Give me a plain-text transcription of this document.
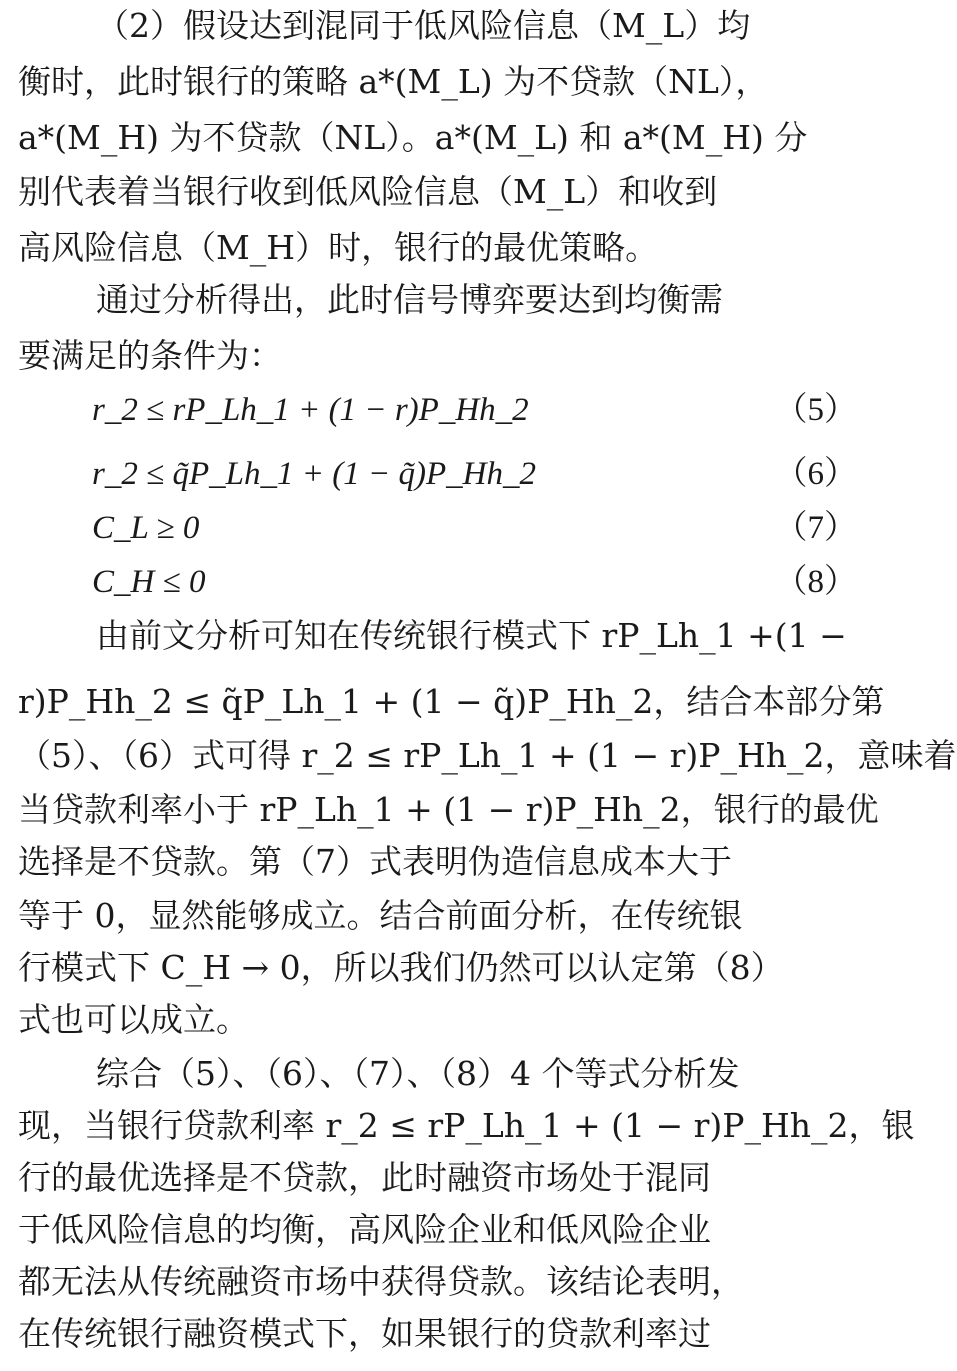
（2）假设达到混同于低风险信息（M_L）均
衡时，此时银行的策略 a*(M_L) 为不贷款（NL），
a*(M_H) 为不贷款（NL）。a*(M_L) 和 a*(M_H) 分
别代表着当银行收到低风险信息（M_L）和收到
高风险信息（M_H）时，银行的最优策略。
通过分析得出，此时信号博弈要达到均衡需
要满足的条件为：
r_2 ≤ rP_Lh_1 + (1 − r)P_Hh_2	（5）
r_2 ≤ q̃P_Lh_1 + (1 − q̃)P_Hh_2	（6）
C_L ≥ 0	（7）
C_H ≤ 0	（8）
由前文分析可知在传统银行模式下 rP_Lh_1 +(1 −
r)P_Hh_2 ≤ q̃P_Lh_1 + (1 − q̃)P_Hh_2，结合本部分第
（5）、（6）式可得 r_2 ≤ rP_Lh_1 + (1 − r)P_Hh_2，意味着
当贷款利率小于 rP_Lh_1 + (1 − r)P_Hh_2，银行的最优
选择是不贷款。第（7）式表明伪造信息成本大于
等于 0，显然能够成立。结合前面分析，在传统银
行模式下 C_H → 0，所以我们仍然可以认定第（8）
式也可以成立。
综合（5）、（6）、（7）、（8）4 个等式分析发
现，当银行贷款利率 r_2 ≤ rP_Lh_1 + (1 − r)P_Hh_2，银
行的最优选择是不贷款，此时融资市场处于混同
于低风险信息的均衡，高风险企业和低风险企业
都无法从传统融资市场中获得贷款。该结论表明，
在传统银行融资模式下，如果银行的贷款利率过
